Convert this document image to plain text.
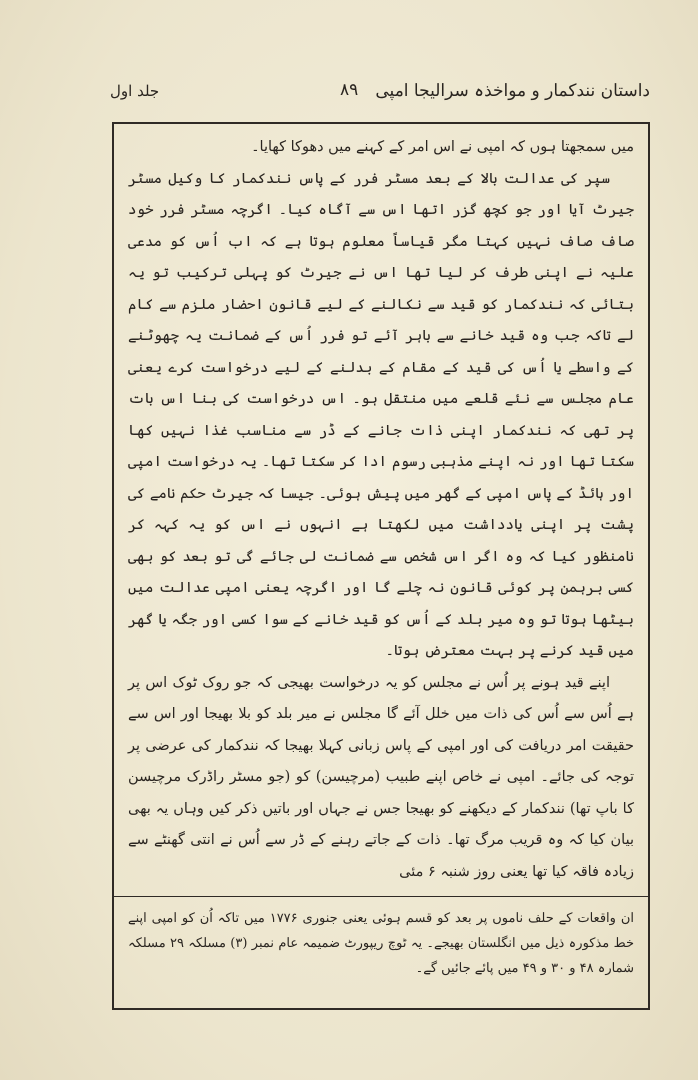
داستان نندکمار و مواخذہ سرالیجا امپی
۸۹
جلد اول

میں سمجھتا ہوں کہ امپی نے اس امر کے کہنے میں دھوکا کھایا۔

سپر کی عدالت بالا کے بعد مسٹر فرر کے پاس نندکمار کا وکیل مسٹر جیرٹ آیا اور جو کچھ گزر اتھا اس سے آگاہ کیا۔ اگرچہ مسٹر فرر خود صاف صاف نہیں کہتا مگر قیاساً معلوم ہوتا ہے کہ اب اُس کو مدعی علیہ نے اپنی طرف کر لیا تھا اس نے جیرٹ کو پہلی ترکیب تو یہ بتائی کہ نندکمار کو قید سے نکالنے کے لیے قانون احضار ملزم سے کام لے تاکہ جب وہ قید خانے سے باہر آئے تو فرر اُس کے ضمانت یہ چھوٹنے کے واسطے یا اُس کی قید کے مقام کے بدلنے کے لیے درخواست کرے یعنی عام مجلس سے نئے قلعے میں منتقل ہو۔ اس درخواست کی بنا اس بات پر تھی کہ نندکمار اپنی ذات جانے کے ڈر سے مناسب غذا نہیں کھا سکتا تھا اور نہ اپنے مذہبی رسوم ادا کر سکتا تھا۔ یہ درخواست امپی اور ہائڈ کے پاس امپی کے گھر میں پیش ہوئی۔ جیسا کہ جیرٹ حکم نامے کی پشت پر اپنی یادداشت میں لکھتا ہے انہوں نے اس کو یہ کہہ کر نامنظور کیا کہ وہ اگر اس شخص سے ضمانت لی جائے گی تو بعد کو بھی کسی برہمن پر کوئی قانون نہ چلے گا اور اگرچہ یعنی امپی عدالت میں بیٹھا ہوتا تو وہ میر بلد کے اُس کو قید خانے کے سوا کسی اور جگہ یا گھر میں قید کرنے پر بہت معترض ہوتا۔

اپنے قید ہونے پر اُس نے مجلس کو یہ درخواست بھیجی کہ جو روک ٹوک اس پر ہے اُس سے اُس کی ذات میں خلل آئے گا مجلس نے میر بلد کو بلا بھیجا اور اس سے حقیقت امر دریافت کی اور امپی کے پاس زبانی کہلا بھیجا کہ نندکمار کی عرضی پر توجہ کی جائے۔ امپی نے خاص اپنے طبیب (مرچیسن) کو (جو مسٹر راڈرک مرچیسن کا باپ تھا) نندکمار کے دیکھنے کو بھیجا جس نے جہاں اور باتیں ذکر کیں وہاں یہ بھی بیان کیا کہ وہ قریب مرگ تھا۔ ذات کے جاتے رہنے کے ڈر سے اُس نے انتی گھنٹے سے زیادہ فاقہ کیا تھا یعنی روز شنبہ ۶ مئی

ان واقعات کے حلف ناموں پر بعد کو قسم ہوئی یعنی جنوری ۱۷۷۶ میں تاکہ اُن کو امپی اپنے خط مذکورہ ذیل میں انگلستان بھیجے۔ یہ ٹوچ ریپورٹ ضمیمہ عام نمبر (۳) مسلکہ ۲۹ مسلکہ شمارہ ۴۸ و ۳۰ و ۴۹ میں پائے جائیں گے۔
